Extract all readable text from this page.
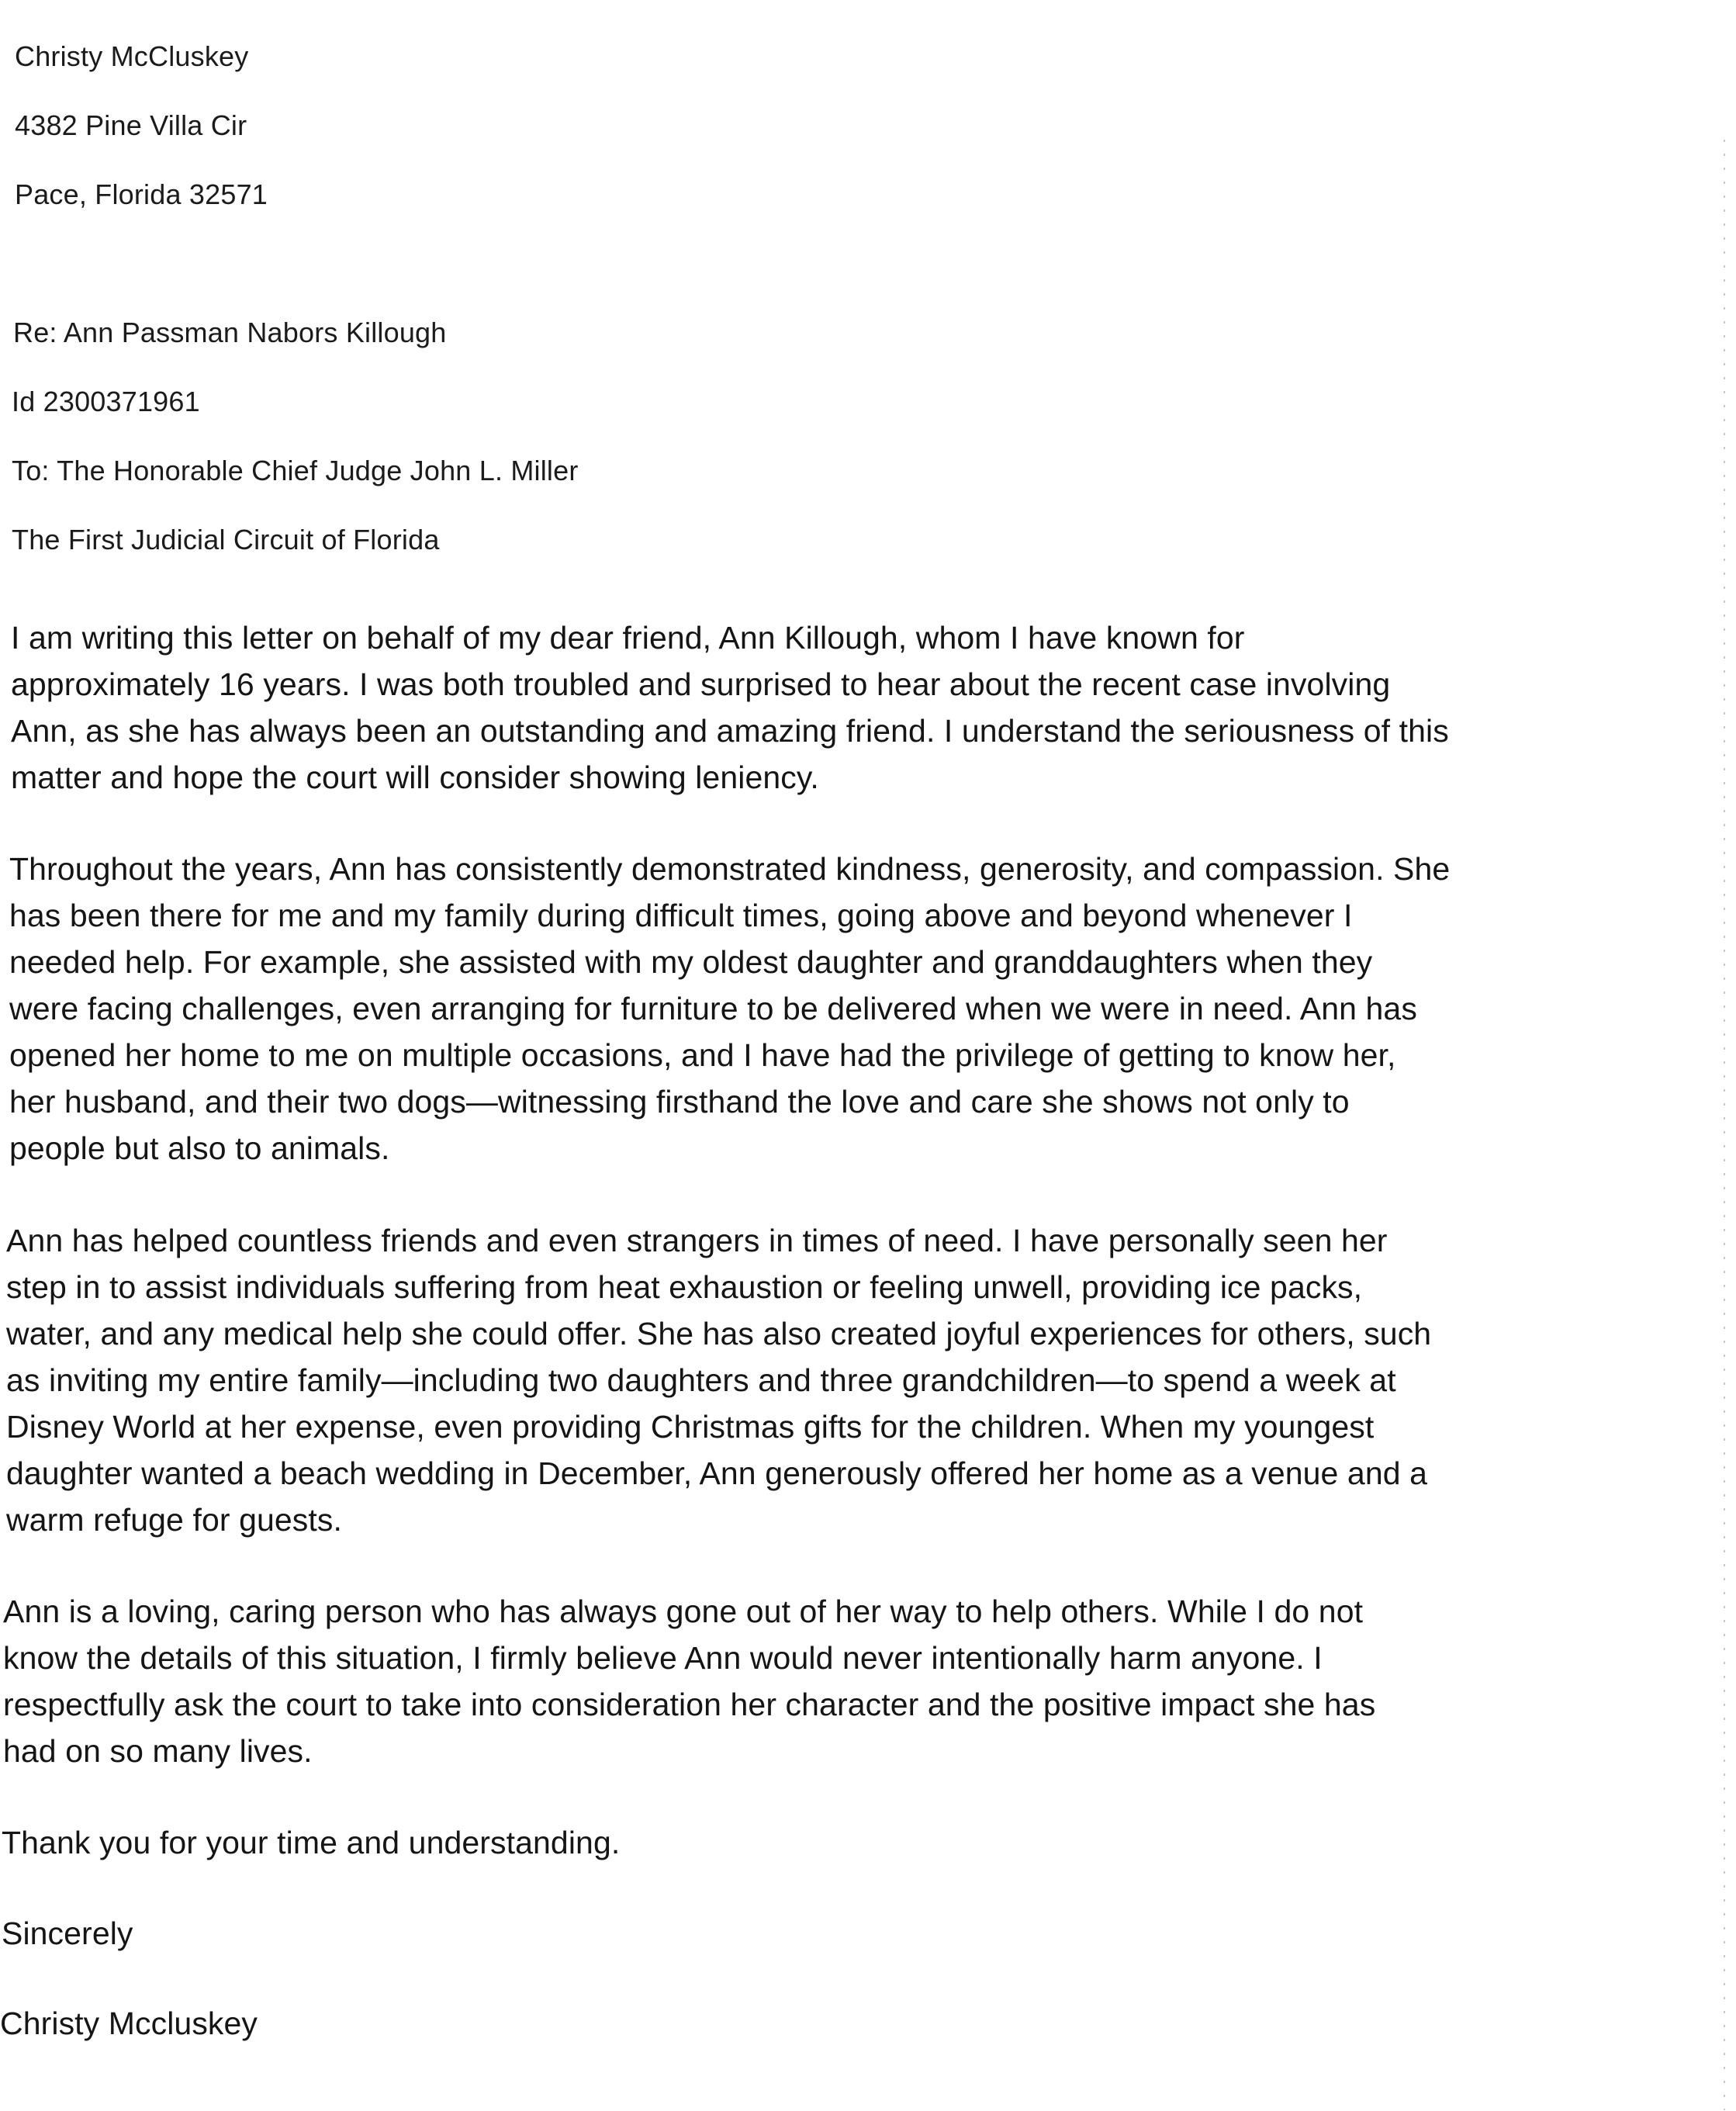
Christy McCluskey

4382 Pine Villa Cir

Pace, Florida 32571

Re: Ann Passman Nabors Killough

Id 2300371961

To: The Honorable Chief Judge John L. Miller

The First Judicial Circuit of Florida

I am writing this letter on behalf of my dear friend, Ann Killough, whom I have known for

approximately 16 years. I was both troubled and surprised to hear about the recent case involving

Ann, as she has always been an outstanding and amazing friend. I understand the seriousness of this

matter and hope the court will consider showing leniency.

Throughout the years, Ann has consistently demonstrated kindness, generosity, and compassion. She

has been there for me and my family during difficult times, going above and beyond whenever I

needed help. For example, she assisted with my oldest daughter and granddaughters when they

were facing challenges, even arranging for furniture to be delivered when we were in need. Ann has

opened her home to me on multiple occasions, and I have had the privilege of getting to know her,

her husband, and their two dogs—witnessing firsthand the love and care she shows not only to

people but also to animals.

Ann has helped countless friends and even strangers in times of need. I have personally seen her

step in to assist individuals suffering from heat exhaustion or feeling unwell, providing ice packs,

water, and any medical help she could offer. She has also created joyful experiences for others, such

as inviting my entire family—including two daughters and three grandchildren—to spend a week at

Disney World at her expense, even providing Christmas gifts for the children. When my youngest

daughter wanted a beach wedding in December, Ann generously offered her home as a venue and a

warm refuge for guests.

Ann is a loving, caring person who has always gone out of her way to help others. While I do not

know the details of this situation, I firmly believe Ann would never intentionally harm anyone. I

respectfully ask the court to take into consideration her character and the positive impact she has

had on so many lives.

Thank you for your time and understanding.

Sincerely

Christy Mccluskey
